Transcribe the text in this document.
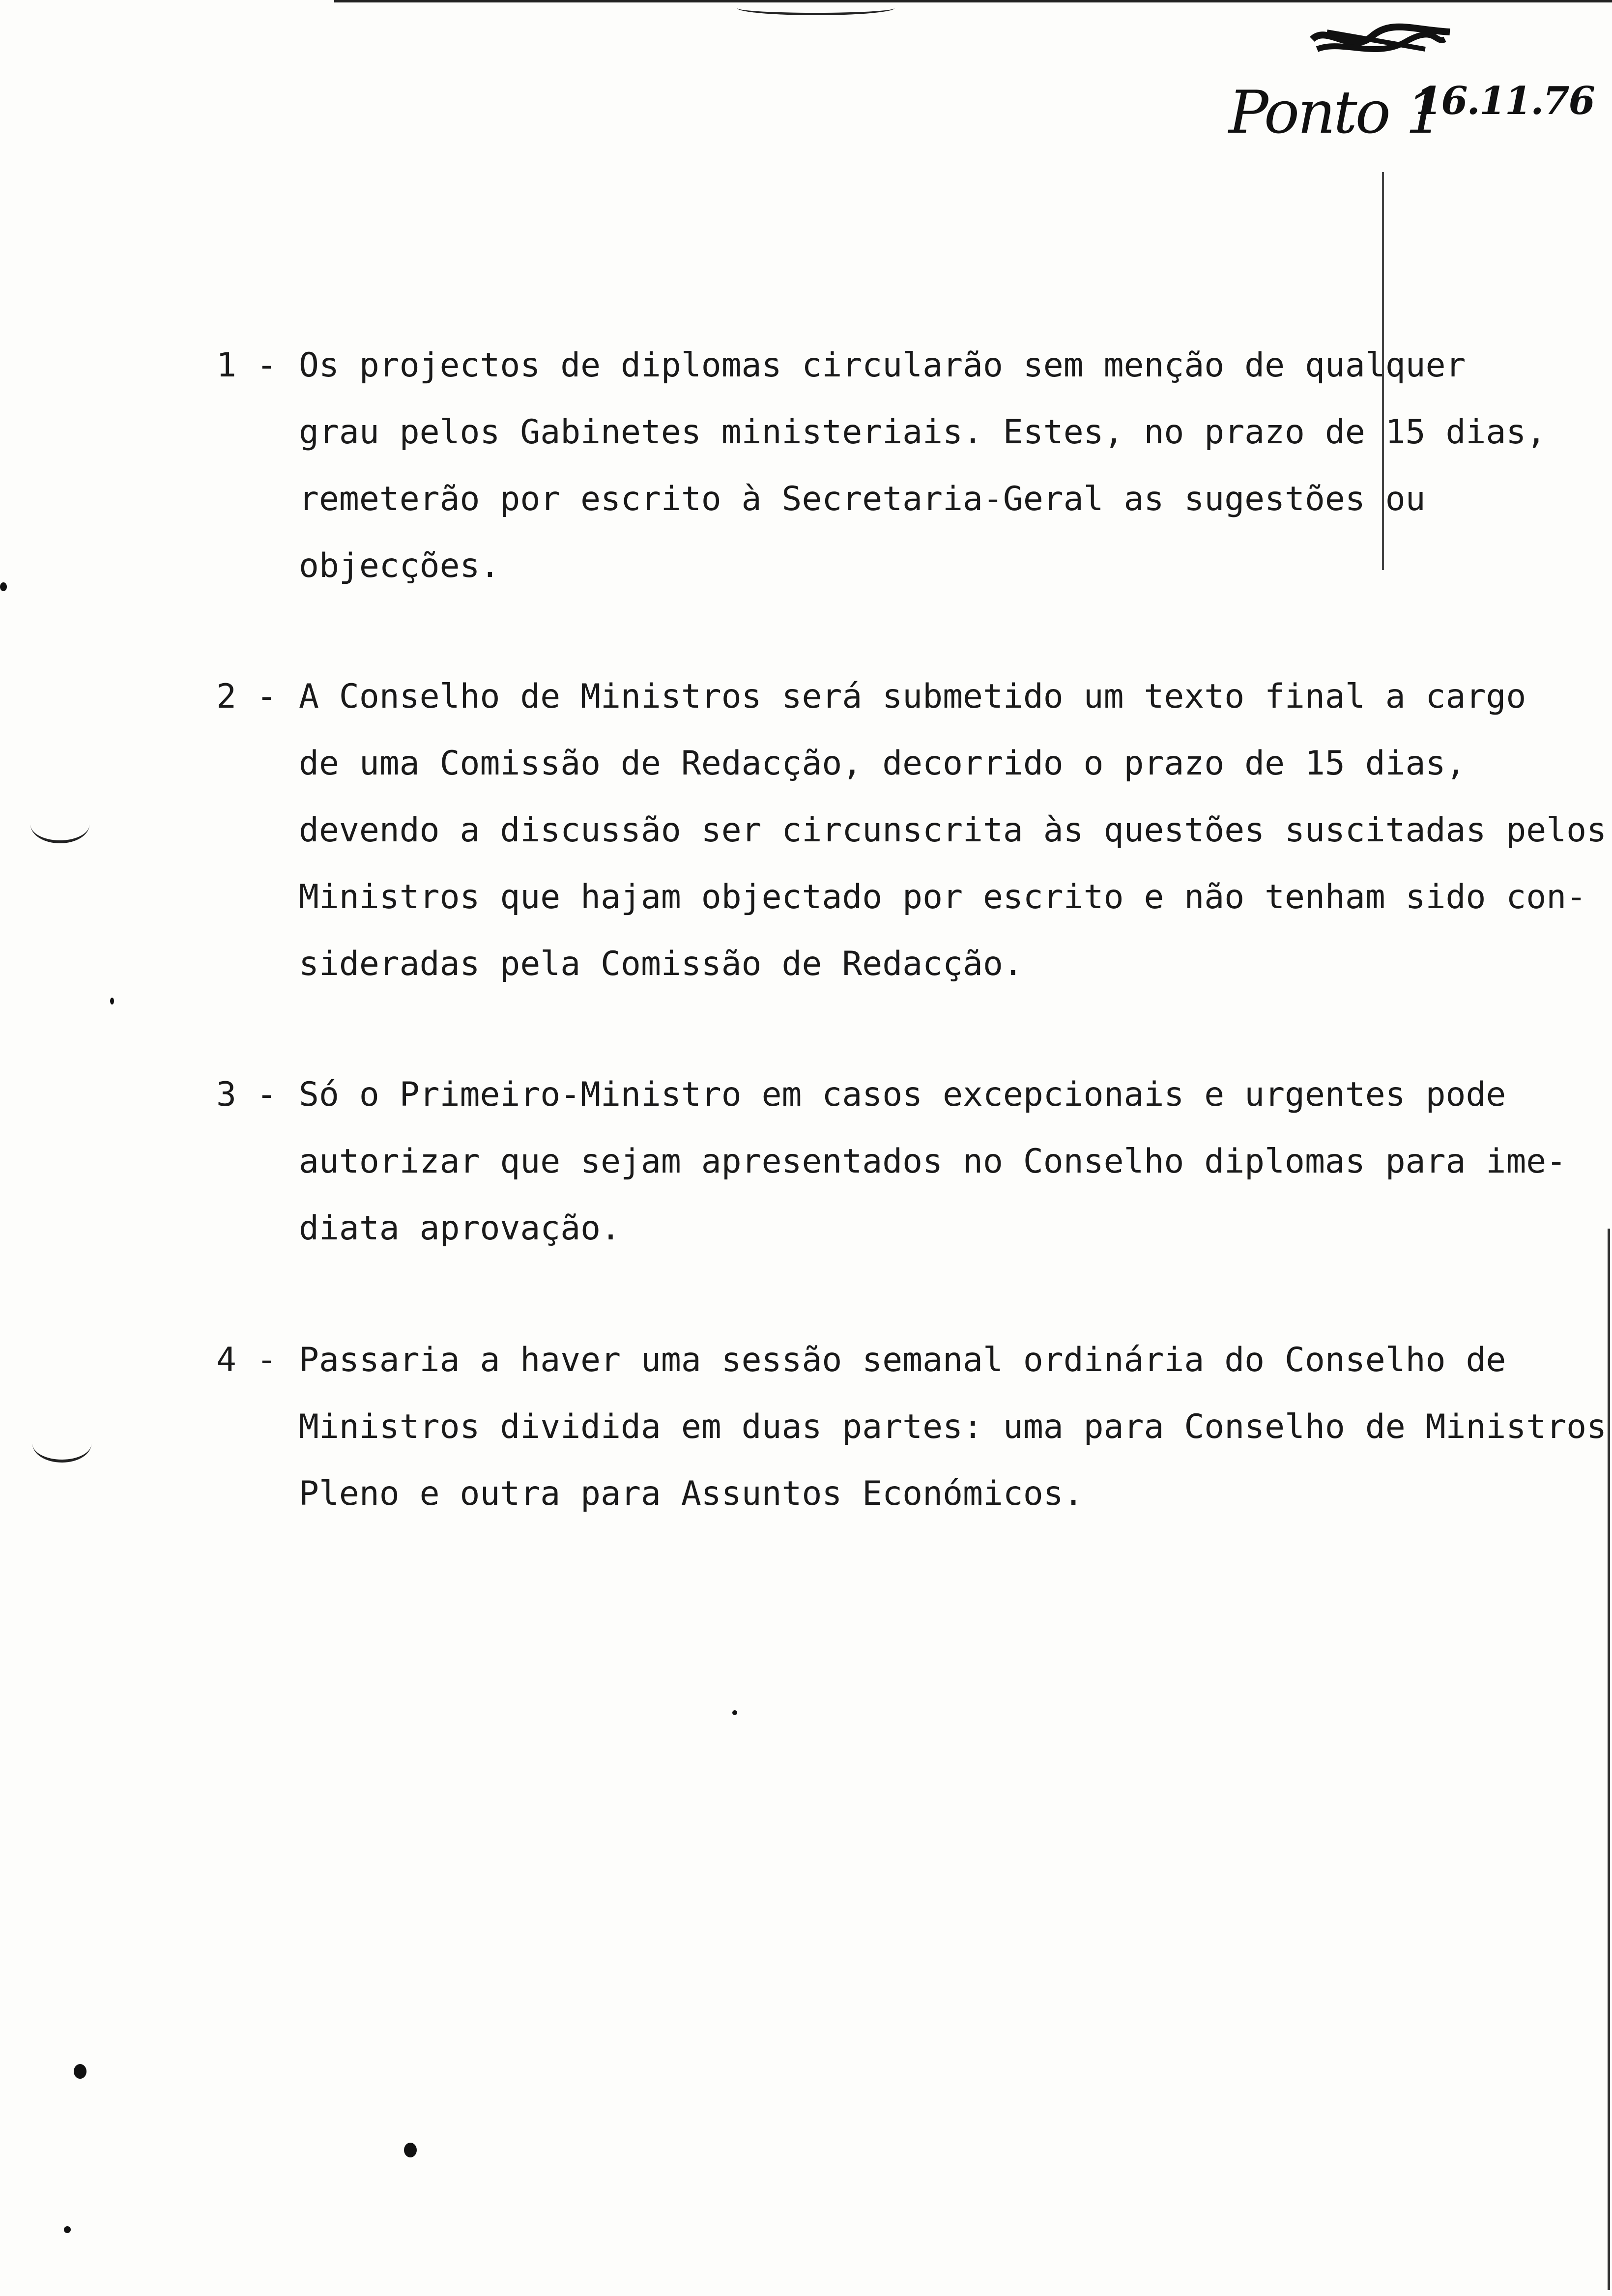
Ponto 1
16.11.76
1 - Os projectos de diplomas circularão sem menção de qualquer
grau pelos Gabinetes ministeriais. Estes, no prazo de 15 dias,
remeterão por escrito à Secretaria-Geral as sugestões ou
objecções.
2 - A Conselho de Ministros será submetido um texto final a cargo
de uma Comissão de Redacção, decorrido o prazo de 15 dias,
devendo a discussão ser circunscrita às questões suscitadas pelos
Ministros que hajam objectado por escrito e não tenham sido con-
sideradas pela Comissão de Redacção.
3 - Só o Primeiro-Ministro em casos excepcionais e urgentes pode
autorizar que sejam apresentados no Conselho diplomas para ime-
diata aprovação.
4 - Passaria a haver uma sessão semanal ordinária do Conselho de
Ministros dividida em duas partes: uma para Conselho de Ministros
Pleno e outra para Assuntos Económicos.
